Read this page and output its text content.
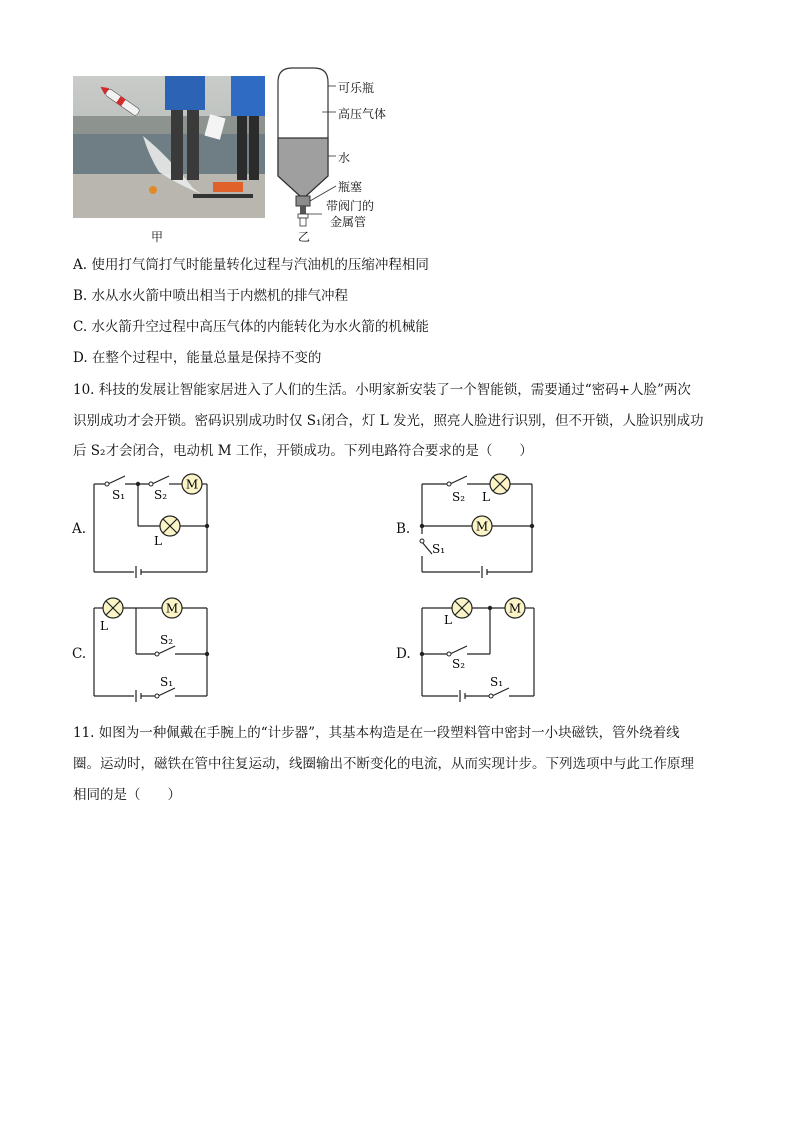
甲
可乐瓶
高压气体
水
瓶塞
带阀门的
金属管
乙
A. 使用打气筒打气时能量转化过程与汽油机的压缩冲程相同
B. 水从水火箭中喷出相当于内燃机的排气冲程
C. 水火箭升空过程中高压气体的内能转化为水火箭的机械能
D. 在整个过程中，能量总量是保持不变的
10. 科技的发展让智能家居进入了人们的生活。小明家新安装了一个智能锁，需要通过“密码+人脸”两次
识别成功才会开锁。密码识别成功时仅 S₁闭合，灯 L 发光，照亮人脸进行识别，但不开锁，人脸识别成功
后 S₂才会闭合，电动机 M 工作，开锁成功。下列电路符合要求的是（　　）
M
S₁ S₂
L
A.	M
S₂ L
S₁
B.
M
L
S₂
S₁
C.
M
L
S₂
S₁
D.
11. 如图为一种佩戴在手腕上的“计步器”，其基本构造是在一段塑料管中密封一小块磁铁，管外绕着线
圈。运动时，磁铁在管中往复运动，线圈输出不断变化的电流，从而实现计步。下列选项中与此工作原理
相同的是（　　）
